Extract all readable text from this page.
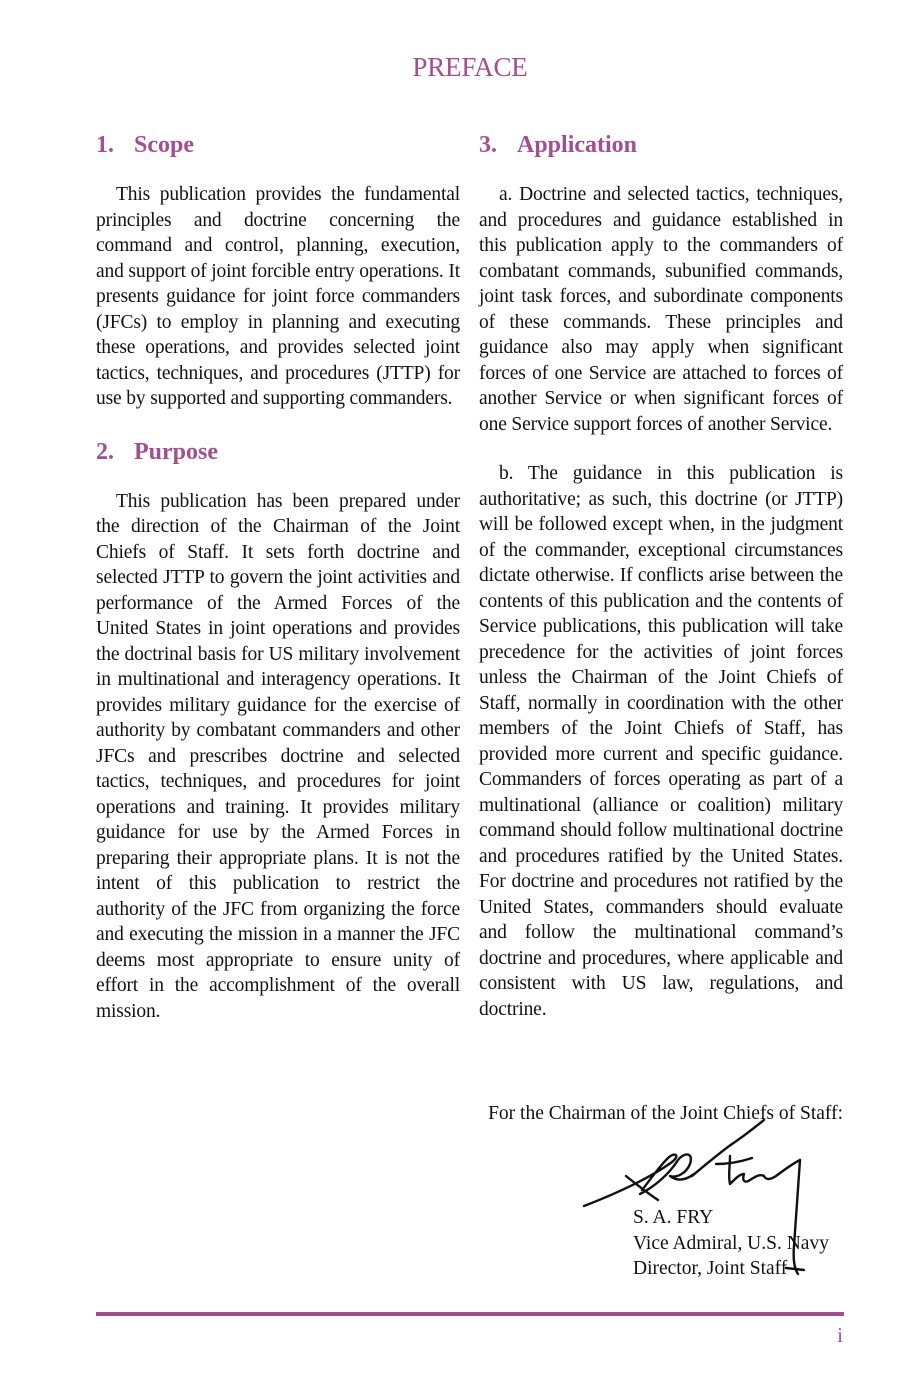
PREFACE
1. Scope

This publication provides the fundamental principles and doctrine concerning the command and control, planning, execution, and support of joint forcible entry operations. It presents guidance for joint force commanders (JFCs) to employ in planning and executing these operations, and provides selected joint tactics, techniques, and procedures (JTTP) for use by supported and supporting commanders.

2. Purpose

This publication has been prepared under the direction of the Chairman of the Joint Chiefs of Staff. It sets forth doctrine and selected JTTP to govern the joint activities and performance of the Armed Forces of the United States in joint operations and provides the doctrinal basis for US military involvement in multinational and interagency operations. It provides military guidance for the exercise of authority by combatant commanders and other JFCs and prescribes doctrine and selected tactics, techniques, and procedures for joint operations and training. It provides military guidance for use by the Armed Forces in preparing their appropriate plans. It is not the intent of this publication to restrict the authority of the JFC from organizing the force and executing the mission in a manner the JFC deems most appropriate to ensure unity of effort in the accomplishment of the overall mission.

3. Application

a. Doctrine and selected tactics, techniques, and procedures and guidance established in this publication apply to the commanders of combatant commands, subunified commands, joint task forces, and subordinate components of these commands. These principles and guidance also may apply when significant forces of one Service are attached to forces of another Service or when significant forces of one Service support forces of another Service.

b. The guidance in this publication is authoritative; as such, this doctrine (or JTTP) will be followed except when, in the judgment of the commander, exceptional circumstances dictate otherwise. If conflicts arise between the contents of this publication and the contents of Service publications, this publication will take precedence for the activities of joint forces unless the Chairman of the Joint Chiefs of Staff, normally in coordination with the other members of the Joint Chiefs of Staff, has provided more current and specific guidance. Commanders of forces operating as part of a multinational (alliance or coalition) military command should follow multinational doctrine and procedures ratified by the United States. For doctrine and procedures not ratified by the United States, commanders should evaluate and follow the multinational command’s doctrine and procedures, where applicable and consistent with US law, regulations, and doctrine.

For the Chairman of the Joint Chiefs of Staff:
S. A. FRY
Vice Admiral, U.S. Navy
Director, Joint Staff
i
